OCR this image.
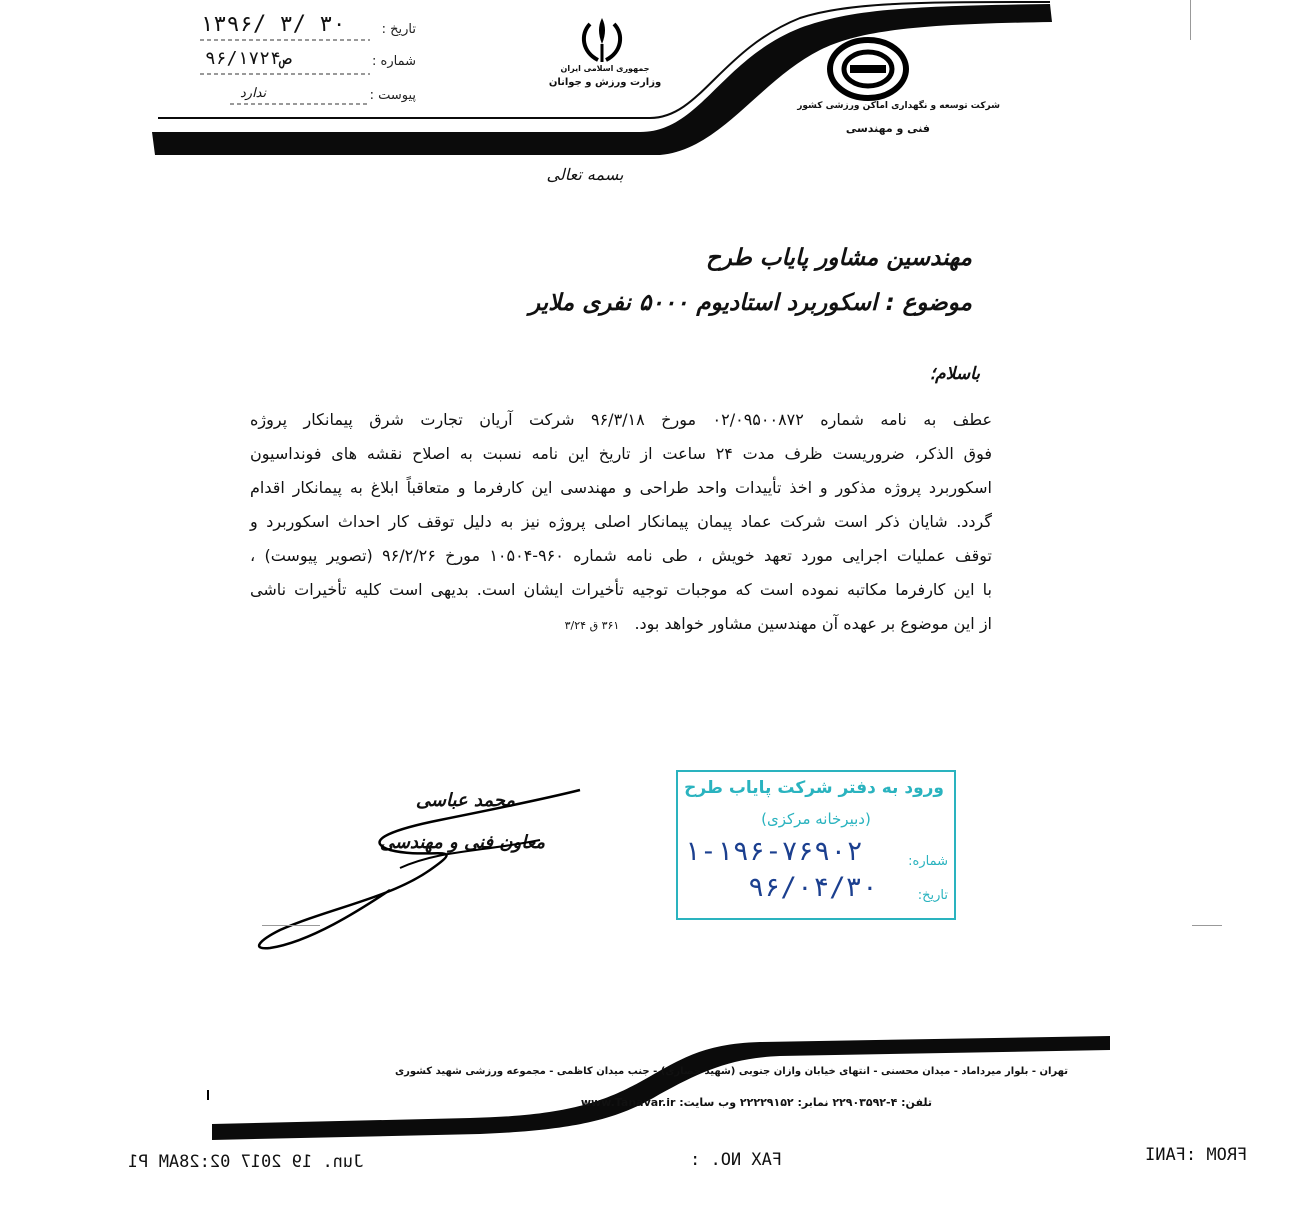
شرکت توسعه و نگهداری اماکن ورزشی کشور
فنی و مهندسی
جمهوری اسلامی ایران
وزارت ورزش و جوانان
تاریخ :
۱۳۹۶/ ۳/ ۳۰
شماره :
۹۶/۱۷۲۴ص
پیوست :
ندارد
بسمه تعالی
مهندسین مشاور پایاب طرح
موضوع : اسکوربرد استادیوم ۵۰۰۰ نفری ملایر
باسلام؛
عطف به نامه شماره ۰۲/۰۹۵۰۰۸۷۲ مورخ ۹۶/۳/۱۸ شرکت آریان تجارت شرق پیمانکار پروژه
فوق الذکر، ضروریست ظرف مدت ۲۴ ساعت از تاریخ این نامه نسبت به اصلاح نقشه های فونداسیون
اسکوربرد پروژه مذکور و اخذ تأییدات واحد طراحی و مهندسی این کارفرما و متعاقباً ابلاغ به پیمانکار اقدام
گردد. شایان ذکر است شرکت عماد پیمان پیمانکار اصلی پروژه نیز به دلیل توقف کار احداث اسکوربرد و
توقف عملیات اجرایی مورد تعهد خویش ، طی نامه شماره ۹۶۰-۱۰۵۰۴ مورخ ۹۶/۲/۲۶ (تصویر پیوست) ،
با این کارفرما مکاتبه نموده است که موجبات توجیه تأخیرات ایشان است. بدیهی است کلیه تأخیرات ناشی
از این موضوع بر عهده آن مهندسین مشاور خواهد بود. ۳۶۱ ق ۳/۲۴
محمد عباسی
معاون فنی و مهندسی
ورود به دفتر شرکت پایاب طرح
(دبیرخانه مرکزی)
شماره:
۱-۱۹۶-۷۶۹۰۲
تاریخ:
۹۶/۰۴/۳۰
تهران - بلوار میرداماد - میدان محسنی - انتهای خیابان وازان جنوبی (شهید حصاری) - جنب میدان کاظمی - مجموعه ورزشی شهید کشوری
تلفن: ۴-۲۲۹۰۳۵۹۲ نمابر: ۲۲۲۲۹۱۵۲ وب سایت: www.Tanavar.ir
FROM :FANI
FAX NO. :
Jun. 19 2017 02:28AM P1
